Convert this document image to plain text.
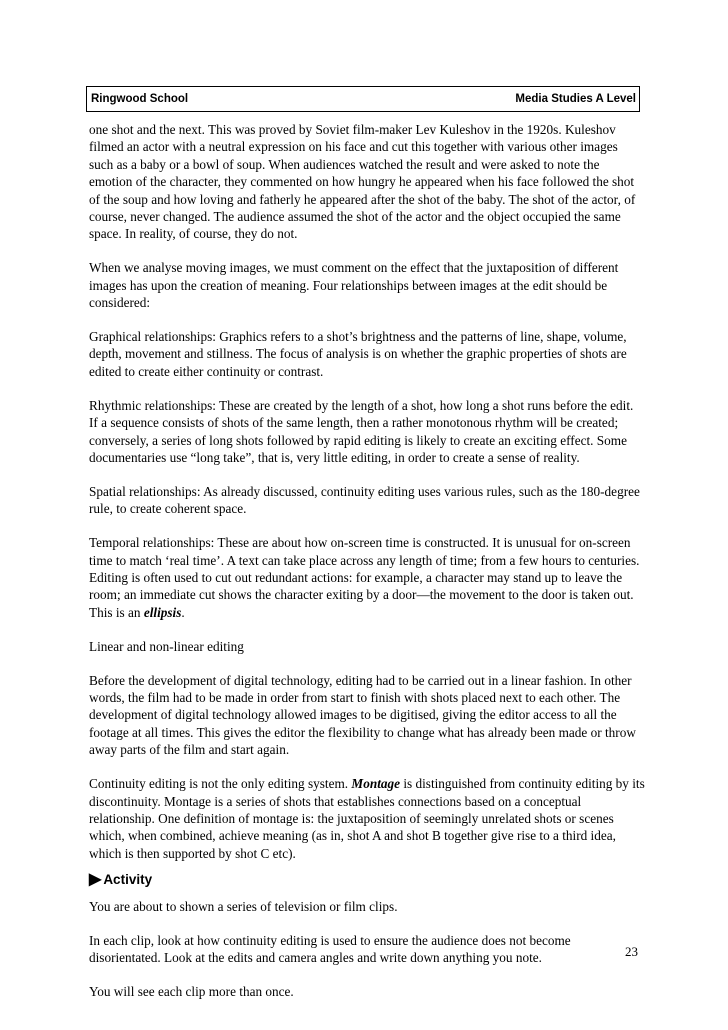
Ringwood School	Media Studies A Level

one shot and the next. This was proved by Soviet film-maker Lev Kuleshov in the 1920s. Kuleshov filmed an actor with a neutral expression on his face and cut this together with various other images such as a baby or a bowl of soup. When audiences watched the result and were asked to note the emotion of the character, they commented on how hungry he appeared when his face followed the shot of the soup and how loving and fatherly he appeared after the shot of the baby. The shot of the actor, of course, never changed. The audience assumed the shot of the actor and the object occupied the same space. In reality, of course, they do not.

When we analyse moving images, we must comment on the effect that the juxtaposition of different images has upon the creation of meaning. Four relationships between images at the edit should be considered:

Graphical relationships: Graphics refers to a shot’s brightness and the patterns of line, shape, volume, depth, movement and stillness. The focus of analysis is on whether the graphic properties of shots are edited to create either continuity or contrast.

Rhythmic relationships: These are created by the length of a shot, how long a shot runs before the edit. If a sequence consists of shots of the same length, then a rather monotonous rhythm will be created; conversely, a series of long shots followed by rapid editing is likely to create an exciting effect. Some documentaries use “long take”, that is, very little editing, in order to create a sense of reality.

Spatial relationships: As already discussed, continuity editing uses various rules, such as the 180-degree rule, to create coherent space.

Temporal relationships: These are about how on-screen time is constructed. It is unusual for on-screen time to match ‘real time’. A text can take place across any length of time; from a few hours to centuries. Editing is often used to cut out redundant actions: for example, a character may stand up to leave the room; an immediate cut shows the character exiting by a door—the movement to the door is taken out. This is an ellipsis.

Linear and non-linear editing

Before the development of digital technology, editing had to be carried out in a linear fashion. In other words, the film had to be made in order from start to finish with shots placed next to each other. The development of digital technology allowed images to be digitised, giving the editor access to all the footage at all times. This gives the editor the flexibility to change what has already been made or throw away parts of the film and start again.

Continuity editing is not the only editing system. Montage is distinguished from continuity editing by its discontinuity. Montage is a series of shots that establishes connections based on a conceptual relationship. One definition of montage is: the juxtaposition of seemingly unrelated shots or scenes which, when combined, achieve meaning (as in, shot A and shot B together give rise to a third idea, which is then supported by shot C etc).

▶ Activity

You are about to shown a series of television or film clips.

In each clip, look at how continuity editing is used to ensure the audience does not become disorientated. Look at the edits and camera angles and write down anything you note.

You will see each clip more than once.

23
